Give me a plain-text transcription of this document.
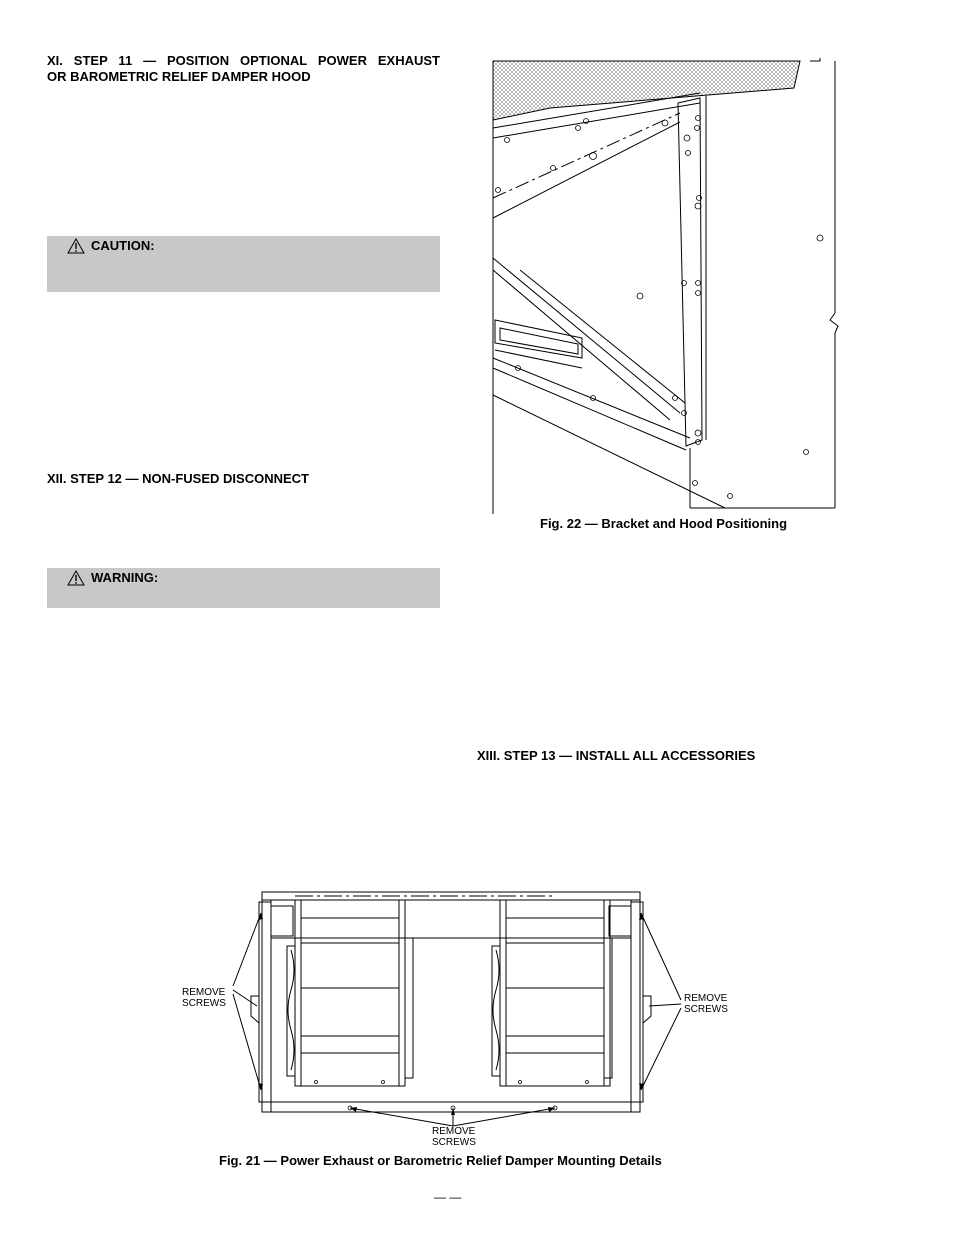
XI. STEP 11 — POSITION OPTIONAL POWER EXHAUST
OR BAROMETRIC RELIEF DAMPER HOOD
CAUTION:
XII. STEP 12 — NON-FUSED DISCONNECT
WARNING:
Fig. 22 — Bracket and Hood Positioning
XIII. STEP 13 — INSTALL ALL ACCESSORIES
REMOVE
SCREWS	REMOVE
SCREWS
REMOVE
SCREWS
Fig. 21 — Power Exhaust or Barometric Relief Damper Mounting Details
— —
